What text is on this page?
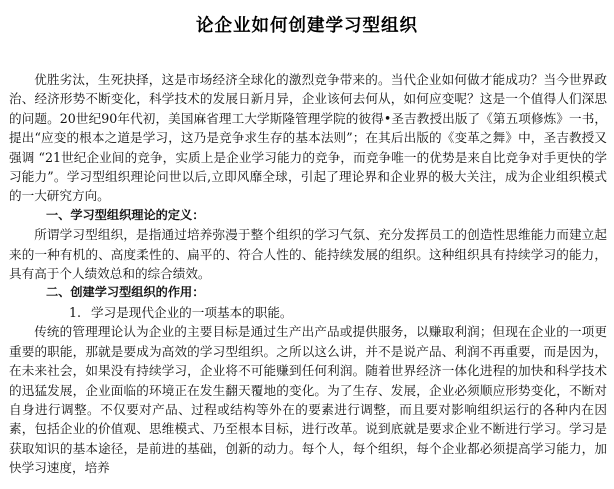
论企业如何创建学习型组织

优胜劣汰，生死抉择，这是市场经济全球化的激烈竞争带来的。当代企业如何做才能成功？当今世界政治、经济形势不断变化，科学技术的发展日新月异，企业该何去何从，如何应变呢？这是一个值得人们深思的问题。20世纪90年代初，美国麻省理工大学斯隆管理学院的彼得•圣吉教授出版了《第五项修炼》一书，提出“应变的根本之道是学习，这乃是竞争求生存的基本法则”；在其后出版的《变革之舞》中，圣吉教授又强调 “21世纪企业间的竞争，实质上是企业学习能力的竞争，而竞争唯一的优势是来自比竞争对手更快的学习能力”。学习型组织理论问世以后,立即风靡全球，引起了理论界和企业界的极大关注，成为企业组织模式的一大研究方向。

一、学习型组织理论的定义：

所谓学习型组织，是指通过培养弥漫于整个组织的学习气氛、充分发挥员工的创造性思维能力而建立起来的一种有机的、高度柔性的、扁平的、符合人性的、能持续发展的组织。这种组织具有持续学习的能力，具有高于个人绩效总和的综合绩效。

二、创建学习型组织的作用：

1. 学习是现代企业的一项基本的职能。

传统的管理理论认为企业的主要目标是通过生产出产品或提供服务，以赚取利润；但现在企业的一项更重要的职能，那就是要成为高效的学习型组织。之所以这么讲，并不是说产品、利润不再重要，而是因为，在未来社会，如果没有持续学习，企业将不可能赚到任何利润。随着世界经济一体化进程的加快和科学技术的迅猛发展，企业面临的环境正在发生翻天覆地的变化。为了生存、发展，企业必须顺应形势变化，不断对自身进行调整。不仅要对产品、过程或结构等外在的要素进行调整，而且要对影响组织运行的各种内在因素，包括企业的价值观、思维模式、乃至根本目标，进行改革。说到底就是要求企业不断进行学习。学习是获取知识的基本途径，是前进的基础，创新的动力。每个人，每个组织，每个企业都必须提高学习能力，加快学习速度，培养
